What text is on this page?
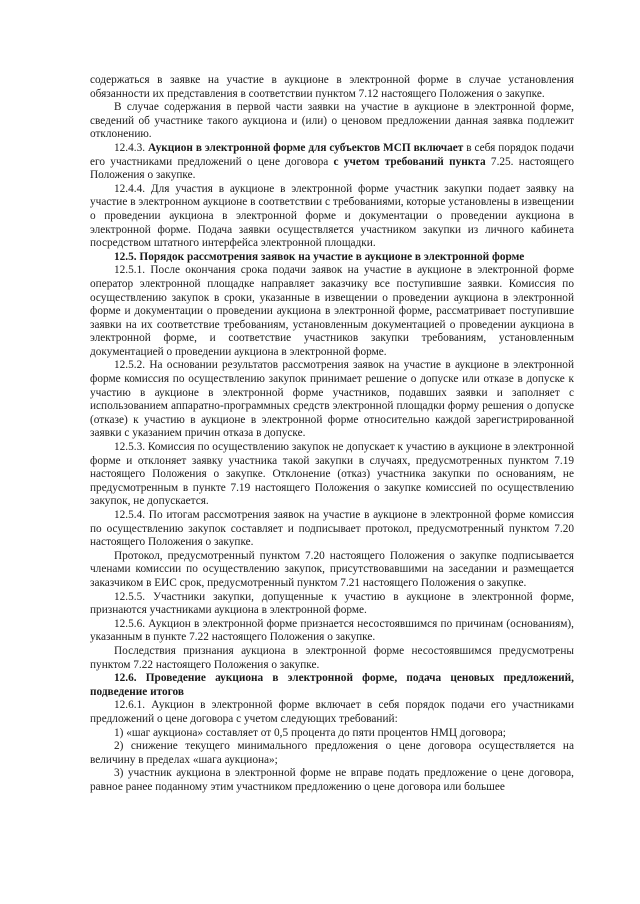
содержаться в заявке на участие в аукционе в электронной форме в случае установления обязанности их представления в соответствии пунктом 7.12 настоящего Положения о закупке.

В случае содержания в первой части заявки на участие в аукционе в электронной форме, сведений об участнике такого аукциона и (или) о ценовом предложении данная заявка подлежит отклонению.

12.4.3. Аукцион в электронной форме для субъектов МСП включает в себя порядок подачи его участниками предложений о цене договора с учетом требований пункта 7.25. настоящего Положения о закупке.

12.4.4. Для участия в аукционе в электронной форме участник закупки подает заявку на участие в электронном аукционе в соответствии с требованиями, которые установлены в извещении о проведении аукциона в электронной форме и документации о проведении аукциона в электронной форме. Подача заявки осуществляется участником закупки из личного кабинета посредством штатного интерфейса электронной площадки.

12.5. Порядок рассмотрения заявок на участие в аукционе в электронной форме

12.5.1. После окончания срока подачи заявок на участие в аукционе в электронной форме оператор электронной площадке направляет заказчику все поступившие заявки. Комиссия по осуществлению закупок в сроки, указанные в извещении о проведении аукциона в электронной форме и документации о проведении аукциона в электронной форме, рассматривает поступившие заявки на их соответствие требованиям, установленным документацией о проведении аукциона в электронной форме, и соответствие участников закупки требованиям, установленным документацией о проведении аукциона в электронной форме.

12.5.2. На основании результатов рассмотрения заявок на участие в аукционе в электронной форме комиссия по осуществлению закупок принимает решение о допуске или отказе в допуске к участию в аукционе в электронной форме участников, подавших заявки и заполняет с использованием аппаратно-программных средств электронной площадки форму решения о допуске (отказе) к участию в аукционе в электронной форме относительно каждой зарегистрированной заявки с указанием причин отказа в допуске.

12.5.3. Комиссия по осуществлению закупок не допускает к участию в аукционе в электронной форме и отклоняет заявку участника такой закупки в случаях, предусмотренных пунктом 7.19 настоящего Положения о закупке. Отклонение (отказ) участника закупки по основаниям, не предусмотренным в пункте 7.19 настоящего Положения о закупке комиссией по осуществлению закупок, не допускается.

12.5.4. По итогам рассмотрения заявок на участие в аукционе в электронной форме комиссия по осуществлению закупок составляет и подписывает протокол, предусмотренный пунктом 7.20 настоящего Положения о закупке.

Протокол, предусмотренный пунктом 7.20 настоящего Положения о закупке подписывается членами комиссии по осуществлению закупок, присутствовавшими на заседании и размещается заказчиком в ЕИС срок, предусмотренный пунктом 7.21 настоящего Положения о закупке.

12.5.5. Участники закупки, допущенные к участию в аукционе в электронной форме, признаются участниками аукциона в электронной форме.

12.5.6. Аукцион в электронной форме признается несостоявшимся по причинам (основаниям), указанным в пункте 7.22 настоящего Положения о закупке.

Последствия признания аукциона в электронной форме несостоявшимся предусмотрены пунктом 7.22 настоящего Положения о закупке.

12.6. Проведение аукциона в электронной форме, подача ценовых предложений, подведение итогов

12.6.1. Аукцион в электронной форме включает в себя порядок подачи его участниками предложений о цене договора с учетом следующих требований:

1) «шаг аукциона» составляет от 0,5 процента до пяти процентов НМЦ договора;

2) снижение текущего минимального предложения о цене договора осуществляется на величину в пределах «шага аукциона»;

3) участник аукциона в электронной форме не вправе подать предложение о цене договора, равное ранее поданному этим участником предложению о цене договора или большее
